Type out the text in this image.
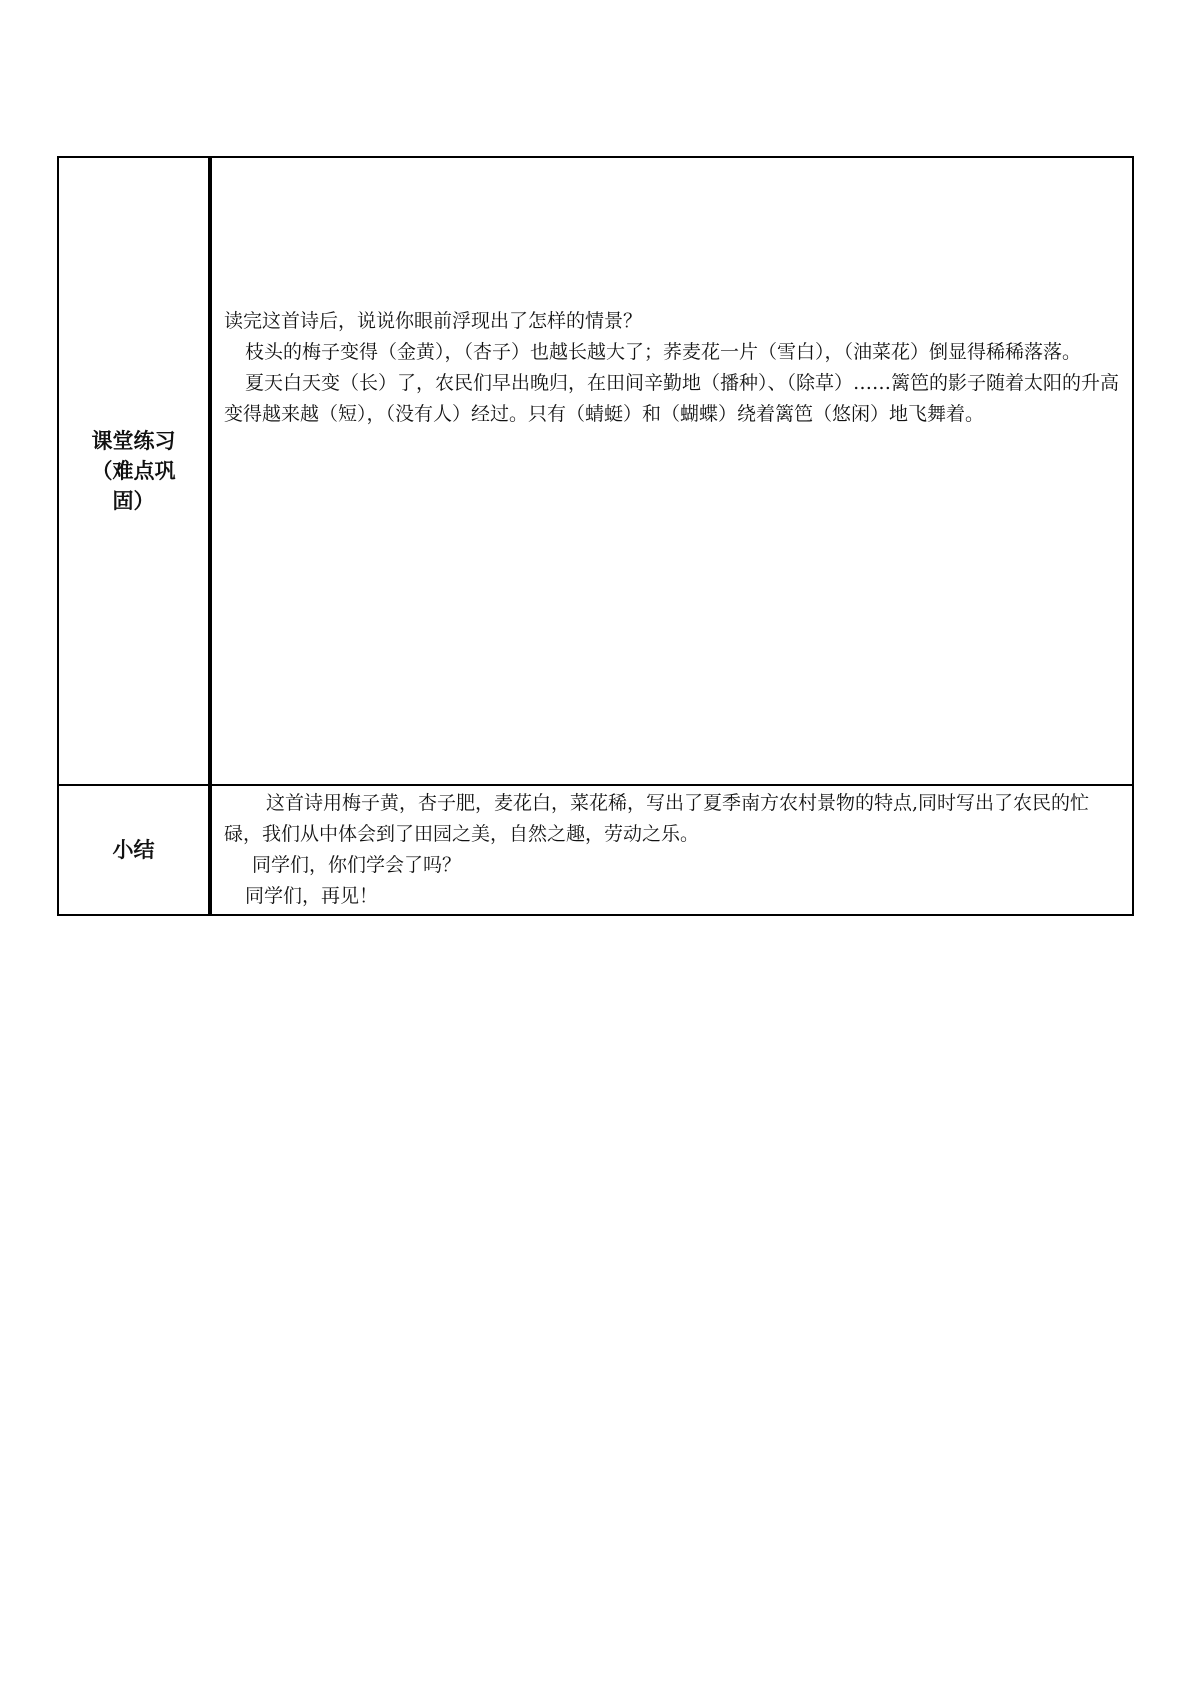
课堂练习（难点巩固）	读完这首诗后，说说你眼前浮现出了怎样的情景？

枝头的梅子变得（金黄），（杏子）也越长越大了；荞麦花一片（雪白），（油菜花）倒显得稀稀落落。

夏天白天变（长）了，农民们早出晚归，在田间辛勤地（播种）、（除草）……篱笆的影子随着太阳的升高变得越来越（短），（没有人）经过。只有（蜻蜓）和（蝴蝶）绕着篱笆（悠闲）地飞舞着。

小结	这首诗用梅子黄，杏子肥，麦花白，菜花稀，写出了夏季南方农村景物的特点,同时写出了农民的忙碌，我们从中体会到了田园之美，自然之趣，劳动之乐。

同学们，你们学会了吗？

同学们，再见！
